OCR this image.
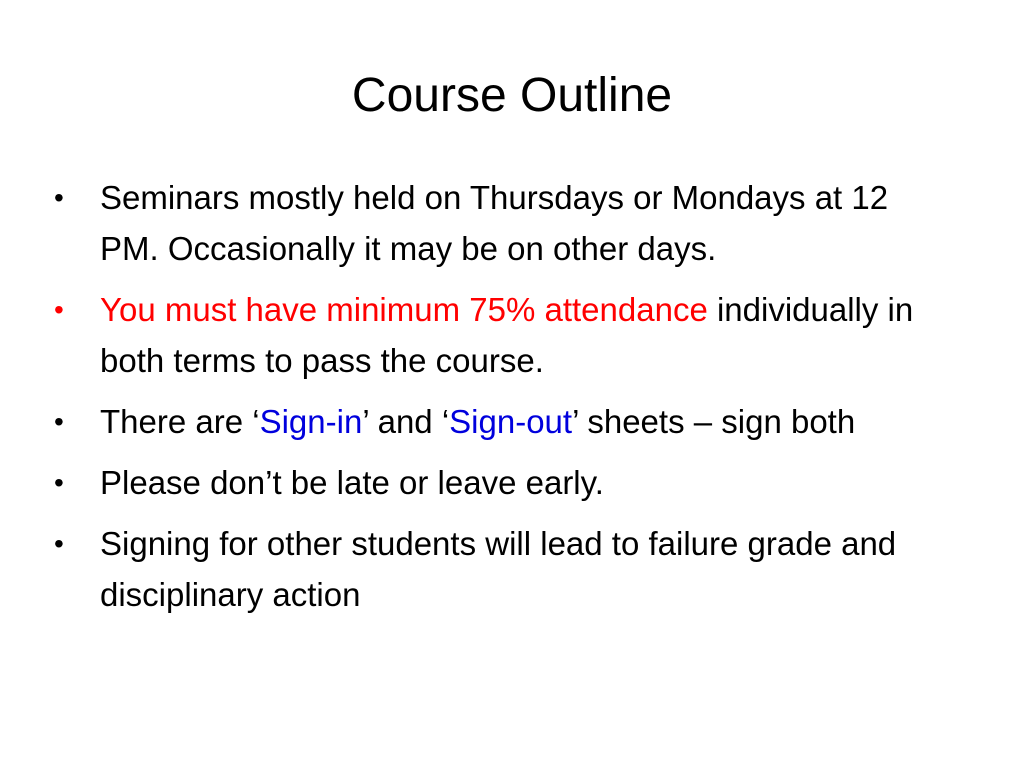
Course Outline
•	Seminars mostly held on Thursdays or Mondays at 12 PM. Occasionally it may be on other days.
•	You must have minimum 75% attendance individually in both terms to pass the course.
•	There are ‘Sign-in’ and ‘Sign-out’ sheets – sign both
•	Please don’t be late or leave early.
•	Signing for other students will lead to failure grade and disciplinary action
